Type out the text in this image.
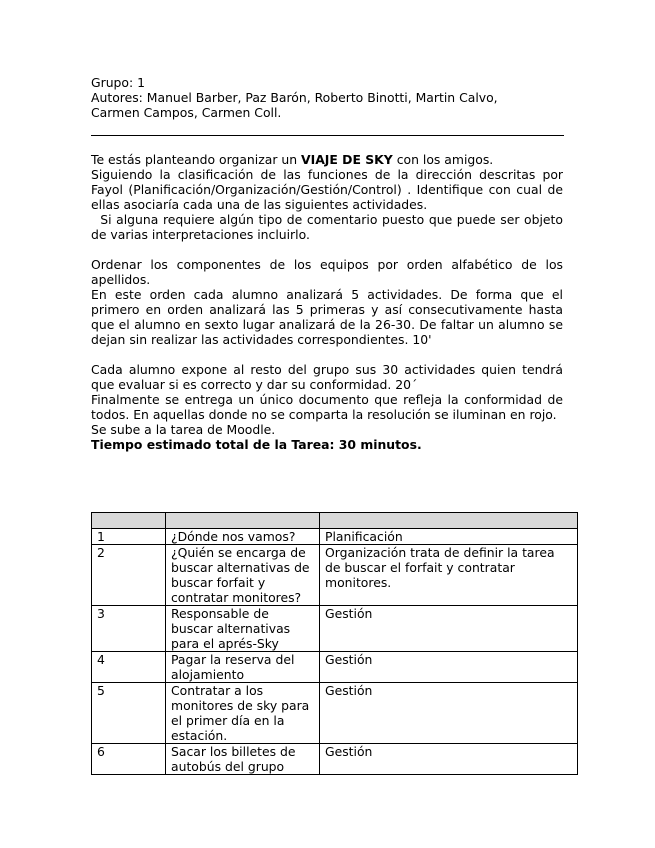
Grupo: 1
Autores: Manuel Barber, Paz Barón, Roberto Binotti, Martin Calvo,
Carmen Campos, Carmen Coll.

Te estás planteando organizar un VIAJE DE SKY con los amigos.

Siguiendo la clasificación de las funciones de la dirección descritas por Fayol (Planificación/Organización/Gestión/Control) . Identifique con cual de ellas asociaría cada una de las siguientes actividades.

Si alguna requiere algún tipo de comentario puesto que puede ser objeto de varias interpretaciones incluirlo.

Ordenar los componentes de los equipos por orden alfabético de los apellidos.

En este orden cada alumno analizará 5 actividades. De forma que el primero en orden analizará las 5 primeras y así consecutivamente hasta que el alumno en sexto lugar analizará de la 26-30. De faltar un alumno se dejan sin realizar las actividades correspondientes. 10'

Cada alumno expone al resto del grupo sus 30 actividades quien tendrá que evaluar si es correcto y dar su conformidad. 20´

Finalmente se entrega un único documento que refleja la conformidad de todos. En aquellas donde no se comparta la resolución se iluminan en rojo.

Se sube a la tarea de Moodle.

Tiempo estimado total de la Tarea: 30 minutos.

1	¿Dónde nos vamos?	Planificación
2	¿Quién se encarga de buscar alternativas de buscar forfait y contratar monitores?	Organización trata de definir la tarea de buscar el forfait y contratar monitores.
3	Responsable de buscar alternativas para el aprés-Sky	Gestión
4	Pagar la reserva del alojamiento	Gestión
5	Contratar a los monitores de sky para el primer día en la estación.	Gestión
6	Sacar los billetes de autobús del grupo	Gestión
